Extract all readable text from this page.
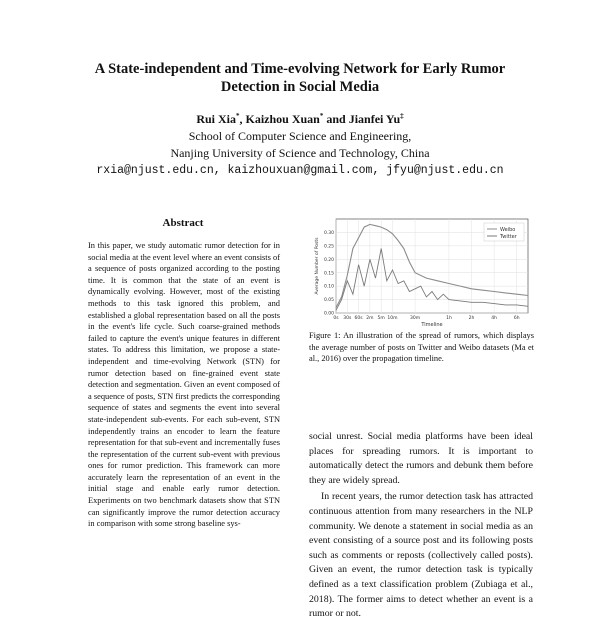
A State-independent and Time-evolving Network for Early Rumor
Detection in Social Media
Rui Xia*, Kaizhou Xuan* and Jianfei Yu‡
School of Computer Science and Engineering,
Nanjing University of Science and Technology, China
rxia@njust.edu.cn, kaizhouxuan@gmail.com, jfyu@njust.edu.cn
Abstract
In this paper, we study automatic rumor detection for in social media at the event level where an event consists of a sequence of posts organized according to the posting time. It is common that the state of an event is dynamically evolving. However, most of the existing methods to this task ignored this problem, and established a global representation based on all the posts in the event's life cycle. Such coarse-grained methods failed to capture the event's unique features in different states. To address this limitation, we propose a state-independent and time-evolving Network (STN) for rumor detection based on fine-grained event state detection and segmentation. Given an event composed of a sequence of posts, STN first predicts the corresponding sequence of states and segments the event into several state-independent sub-events. For each sub-event, STN independently trains an encoder to learn the feature representation for that sub-event and incrementally fuses the representation of the current sub-event with previous ones for rumor prediction. This framework can more accurately learn the representation of an event in the initial stage and enable early rumor detection. Experiments on two benchmark datasets show that STN can significantly improve the rumor detection accuracy in comparison with some strong baseline sys-
0.00
0.05
0.10
0.15
0.20
0.25
0.30
0s 30s 60s 2m 5m 10m	30m	1h	2h	4h	6h
Timeline
Average Number of Posts
Weibo
Twitter
Figure 1: An illustration of the spread of rumors, which displays the average number of posts on Twitter and Weibo datasets (Ma et al., 2016) over the propagation timeline.

social unrest. Social media platforms have been ideal places for spreading rumors. It is important to automatically detect the rumors and debunk them before they are widely spread.

In recent years, the rumor detection task has attracted continuous attention from many researchers in the NLP community. We denote a statement in social media as an event consisting of a source post and its following posts such as comments or reposts (collectively called posts). Given an event, the rumor detection task is typically defined as a text classification problem (Zubiaga et al., 2018). The former aims to detect whether an event is a rumor or not.
